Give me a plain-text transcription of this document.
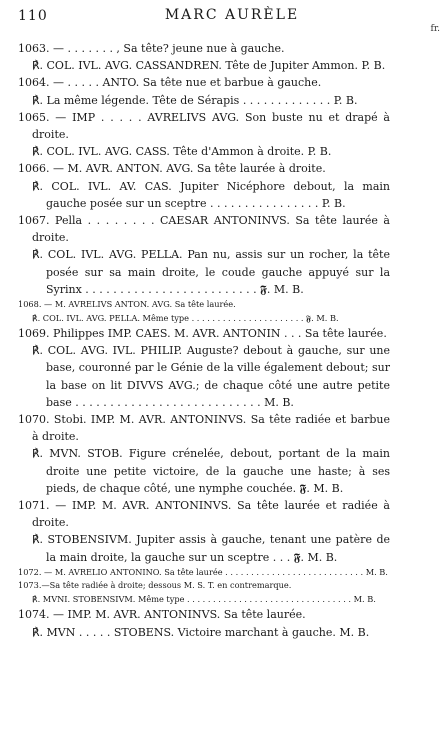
110	MARC AURÈLE
fr.

1063. — . . . . . . . , Sa tête? jeune nue à gauche.

℟. COL. IVL. AVG. CASSANDREN. Tête de Jupiter Ammon. P. B.

1064. — . . . . . ANTO. Sa tête nue et barbue à gauche.

℟. La même légende. Tête de Sérapis . . . . . . . . . . . . . P. B.

1065. — IMP . . . . . AVRELIVS AVG. Son buste nu et drapé à droite.

℟. COL. IVL. AVG. CASS. Tête d'Ammon à droite. P. B.

1066. — M. AVR. ANTON. AVG. Sa tête laurée à droite.

℟. COL. IVL. AV. CAS. Jupiter Nicéphore debout, la main gauche posée sur un sceptre . . . . . . . . . . . . . . . . P. B.

1067. Pella . . . . . . . . CAESAR ANTONINVS. Sa tête laurée à droite.

℟. COL. IVL. AVG. PELLA. Pan nu, assis sur un rocher, la tête posée sur sa main droite, le coude gauche appuyé sur la Syrinx . . . . . . . . . . . . . . . . . . . . . . . . . 𝕱. M. B.

1068. — M. AVRELIVS ANTON. AVG. Sa tête laurée.

℟. COL. IVL. AVG. PELLA. Même type . . . . . . . . . . . . . . . . . . . . . . 𝕱. M. B.

1069. Philippes IMP. CAES. M. AVR. ANTONIN . . . Sa tête laurée.

℟. COL. AVG. IVL. PHILIP. Auguste? debout à gauche, sur une base, couronné par le Génie de la ville également debout; sur la base on lit DIVVS AVG.; de chaque côté une autre petite base . . . . . . . . . . . . . . . . . . . . . . . . . . . M. B.

1070. Stobi. IMP. M. AVR. ANTONINVS. Sa tête radiée et barbue à droite.

℟. MVN. STOB. Figure crénelée, debout, portant de la main droite une petite victoire, de la gauche une haste; à ses pieds, de chaque côté, une nymphe couchée. 𝕱. M. B.

1071. — IMP. M. AVR. ANTONINVS. Sa tête laurée et radiée à droite.

℟. STOBENSIVM. Jupiter assis à gauche, tenant une patère de la main droite, la gauche sur un sceptre . . . 𝕱. M. B.

1072. — M. AVRELIO ANTONINO. Sa tête laurée . . . . . . . . . . . . . . . . . . . . . . . . . . . M. B.

1073.—Sa tête radiée à droite; dessous M. S. T. en contremarque.

℟. MVNI. STOBENSIVM. Même type . . . . . . . . . . . . . . . . . . . . . . . . . . . . . . . . M. B.

1074. — IMP. M. AVR. ANTONINVS. Sa tête laurée.

℟. MVN . . . . . STOBENS. Victoire marchant à gauche. M. B.
